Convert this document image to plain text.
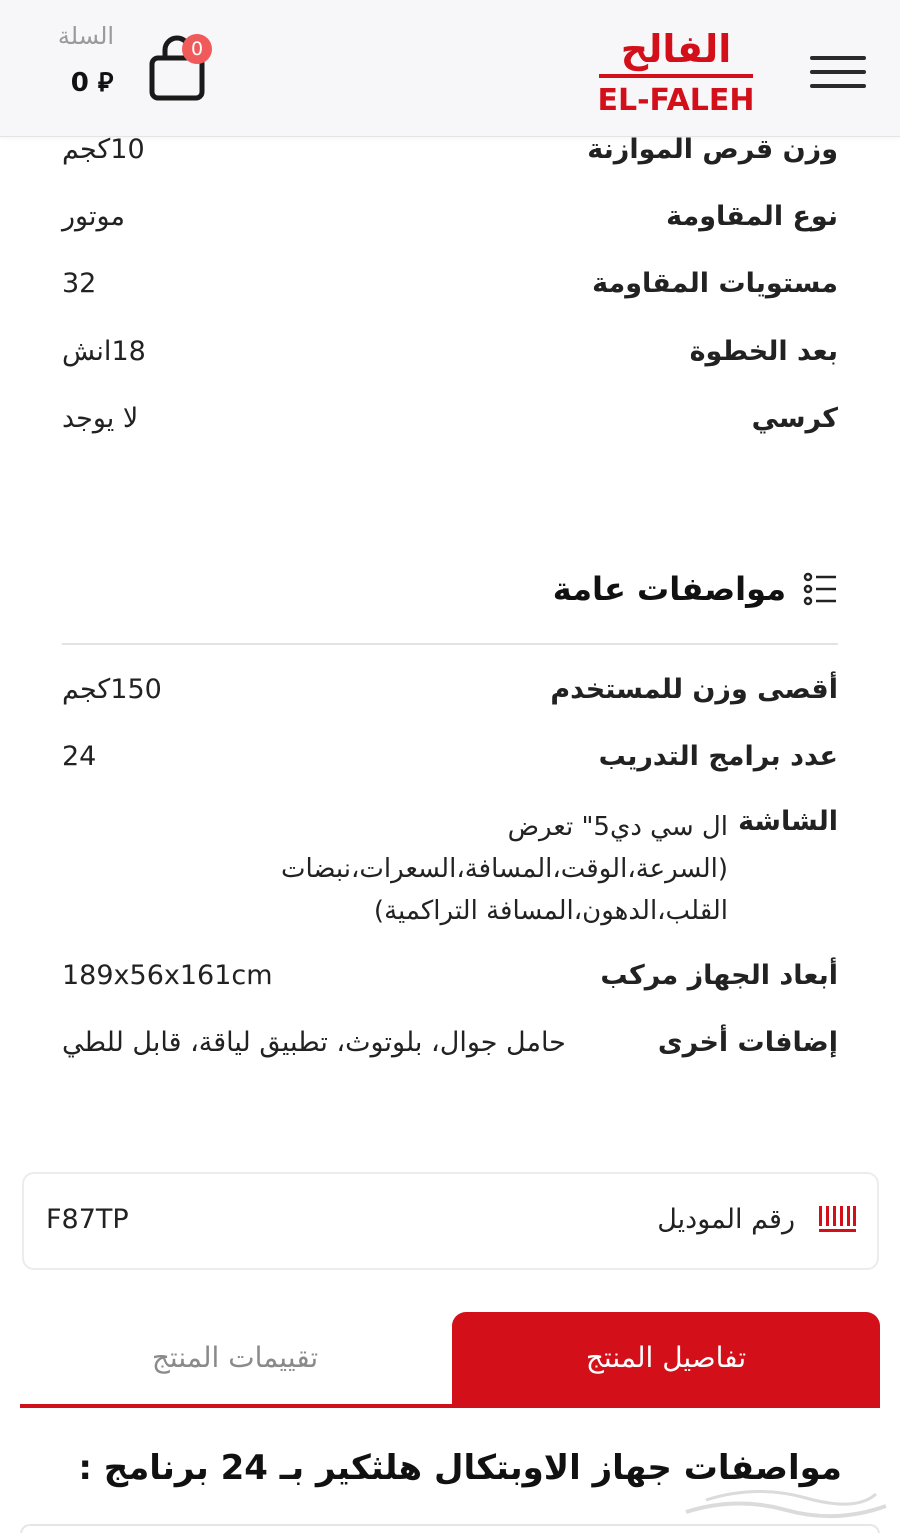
الفالح
EL-FALEH
0
السلة
0 ⃁
وزن قرص الموازنة
10كجم
نوع المقاومة
موتور
مستويات المقاومة
32
بعد الخطوة
18انش
كرسي
لا يوجد
مواصفات عامة
أقصى وزن للمستخدم
150كجم
عدد برامج التدريب
24
الشاشة
ال سي دي5" تعرض (السرعة،الوقت،المسافة،السعرات،نبضات القلب،الدهون،المسافة التراكمية)
أبعاد الجهاز مركب
189x56x161cm
إضافات أخرى
حامل جوال، بلوتوث، تطبيق لياقة، قابل للطي
رقم الموديل
F87TP
تفاصيل المنتج
تقييمات المنتج
مواصفات جهاز الاوبتكال هلثكير بـ 24 برنامج :
